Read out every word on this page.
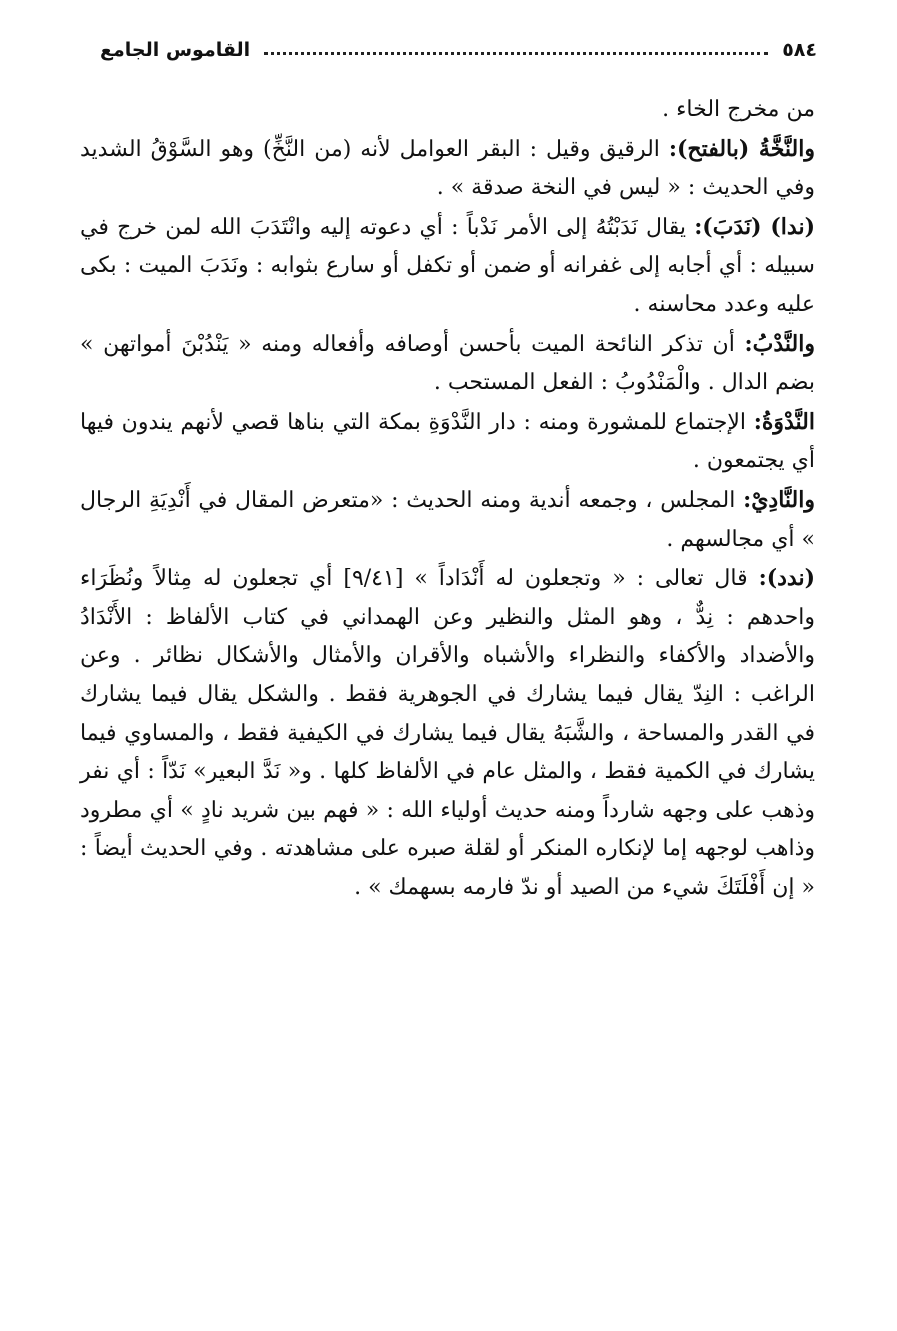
٥٨٤
القاموس الجامع

من مخرج الخاء .

والنَّخَّةُ (بالفتح): الرقيق وقيل : البقر العوامل لأنه (من النَّخِّ) وهو السَّوْقُ الشديد وفي الحديث : « ليس في النخة صدقة » .

(ندا) (نَدَبَ): يقال نَدَبْتُهُ إلى الأمر نَدْباً : أي دعوته إليه وانْتَدَبَ الله لمن خرج في سبيله : أي أجابه إلى غفرانه أو ضمن أو تكفل أو سارع بثوابه : ونَدَبَ الميت : بكى عليه وعدد محاسنه .

والنَّدْبُ: أن تذكر النائحة الميت بأحسن أوصافه وأفعاله ومنه « يَنْدُبْنَ أمواتهن » بضم الدال . والْمَنْدُوبُ : الفعل المستحب .

النَّدْوَةُ: الإجتماع للمشورة ومنه : دار النَّدْوَةِ بمكة التي بناها قصي لأنهم يندون فيها أي يجتمعون .

والنَّادِيْ: المجلس ، وجمعه أندية ومنه الحديث : «متعرض المقال في أَنْدِيَةِ الرجال » أي مجالسهم .

(ندد): قال تعالى : « وتجعلون له أَنْدَاداً » [٩/٤١] أي تجعلون له مِثالاً ونُظَرَاء واحدهم : نِدٌّ ، وهو المثل والنظير وعن الهمداني في كتاب الألفاظ : الأَنْدَادُ والأضداد والأكفاء والنظراء والأشباه والأقران والأمثال والأشكال نظائر . وعن الراغب : النِدّ يقال فيما يشارك في الجوهرية فقط . والشكل يقال فيما يشارك في القدر والمساحة ، والشَّبَهُ يقال فيما يشارك في الكيفية فقط ، والمساوي فيما يشارك في الكمية فقط ، والمثل عام في الألفاظ كلها . و« نَدَّ البعير» نَدّاً : أي نفر وذهب على وجهه شارداً ومنه حديث أولياء الله : « فهم بين شريد نادٍ » أي مطرود وذاهب لوجهه إما لإنكاره المنكر أو لقلة صبره على مشاهدته . وفي الحديث أيضاً : « إن أَفْلَتَكَ شيء من الصيد أو ندّ فارمه بسهمك » .
